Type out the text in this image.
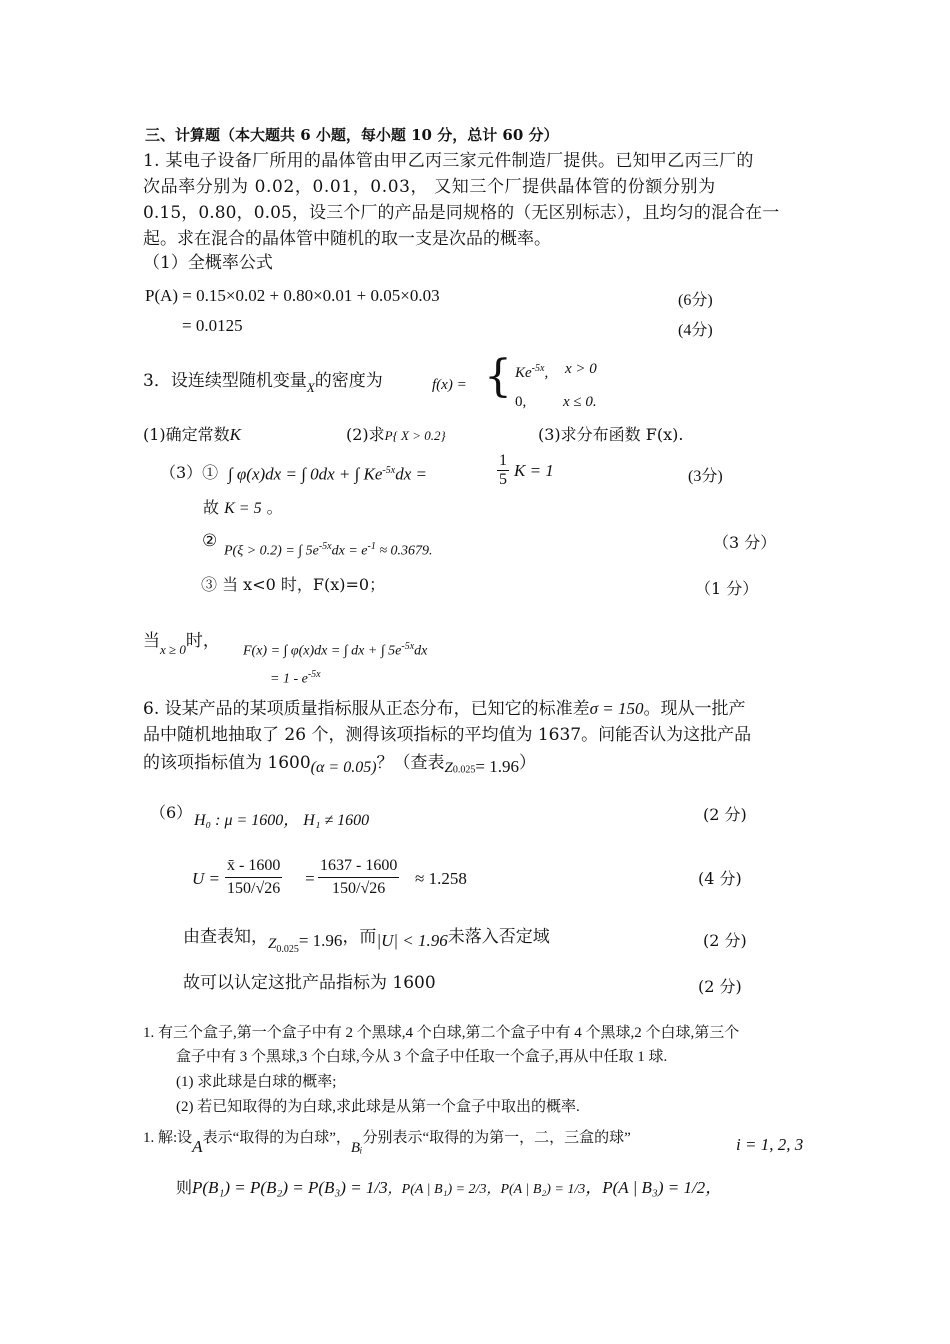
三、计算题（本大题共 6 小题，每小题 10 分，总计 60 分）
1. 某电子设备厂所用的晶体管由甲乙丙三家元件制造厂提供。已知甲乙丙三厂的
次品率分别为 0.02，0.01，0.03， 又知三个厂提供晶体管的份额分别为
0.15，0.80，0.05，设三个厂的产品是同规格的（无区别标志），且均匀的混合在一
起。求在混合的晶体管中随机的取一支是次品的概率。
（1）全概率公式
P(A) = 0.15×0.02 + 0.80×0.01 + 0.05×0.03	(6分)
= 0.0125	(4分)
3．设连续型随机变量$_X$的密度为	f(x) = { $Ke^{-5x}$, x > 0
0, x ≤ 0.
(1)确定常数K	(2)求P{ X > 0.2}	(3)求分布函数 F(x).
（3）① ∫ φ(x)dx = ∫ 0dx + ∫ $Ke^{-5x}dx$ =	$\frac{1}{5}$ K = 1	(3分)
故 K = 5 。
②
P(ξ > 0.2) = ∫ $5e^{-5x}dx = e^{-1} \approx 0.3679$.	（3 分）
③ 当 x<0 时，F(x)=0；	（1 分）
当$_{x \ge 0}$时，
F(x) = ∫ φ(x)dx = ∫ dx + ∫ $5e^{-5x}dx$
= $1 - e^{-5x}$
6. 设某产品的某项质量指标服从正态分布，已知它的标准差σ = 150。现从一批产
品中随机地抽取了 26 个，测得该项指标的平均值为 1637。问能否认为这批产品
的该项指标值为 1600(α = 0.05)？（查表$Z_{0.025}= 1.96$）
（6） H₀ : μ = 1600， H₁ ≠ 1600	(2 分)
$U = \frac{x̄ - 1600}{150/√26} = \frac{1637 - 1600}{150/√26} \approx 1.258$	(4 分)
由查表知，$Z_{0.025}= 1.96$，而|U| < 1.96未落入否定域	(2 分)
故可以认定这批产品指标为 1600	(2 分)
1. 有三个盒子,第一个盒子中有 2 个黑球,4 个白球,第二个盒子中有 4 个黑球,2 个白球,第三个
盒子中有 3 个黑球,3 个白球,今从 3 个盒子中任取一个盒子,再从中任取 1 球.
(1) 求此球是白球的概率;
(2) 若已知取得的为白球,求此球是从第一个盒子中取出的概率.
1. 解:设A表示“取得的为白球”，Bᵢ分别表示“取得的为第一，二，三盒的球”	i = 1, 2, 3
则P(B₁) = P(B₂) = P(B₃) = 1/3，P(A | B₁) = 2/3，P(A | B₂) = 1/3，P(A | B₃) = 1/2，
